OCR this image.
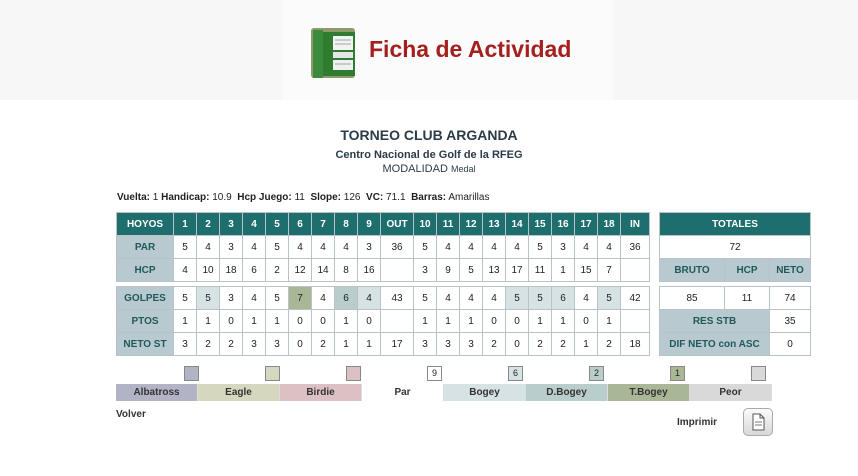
Ficha de Actividad
TORNEO CLUB ARGANDA
Centro Nacional de Golf de la RFEG
MODALIDAD Medal
Vuelta: 1 Handicap: 10.9 Hcp Juego: 11 Slope: 126 VC: 71.1 Barras: Amarillas
HOYOS	1	2	3	4	5	6	7	8	9	OUT	10	11	12	13	14	15	16	17	18	IN		TOTALES		
PAR	5	4	3	4	5	4	4	4	3	36	5	4	4	4	4	5	3	4	4	36		72		
HCP	4	10	18	6	2	12	14	8	16		3	9	5	13	17	11	1	15	7			BRUTO	HCP	NETO

GOLPES	5	5	3	4	5	7	4	6	4	43	5	4	4	4	5	5	6	4	5	42		85	11	74
PTOS	1	1	0	1	1	0	0	1	0		1	1	1	0	0	1	1	0	1			RES STB		35
NETO ST	3	2	2	3	3	0	2	1	1	17	3	3	3	2	0	2	2	1	2	18		DIF NETO con ASC		0
9	6	2	1
Albatross	Eagle	Birdie	Par	Bogey	D.Bogey	T.Bogey	Peor
Volver
Imprimir
